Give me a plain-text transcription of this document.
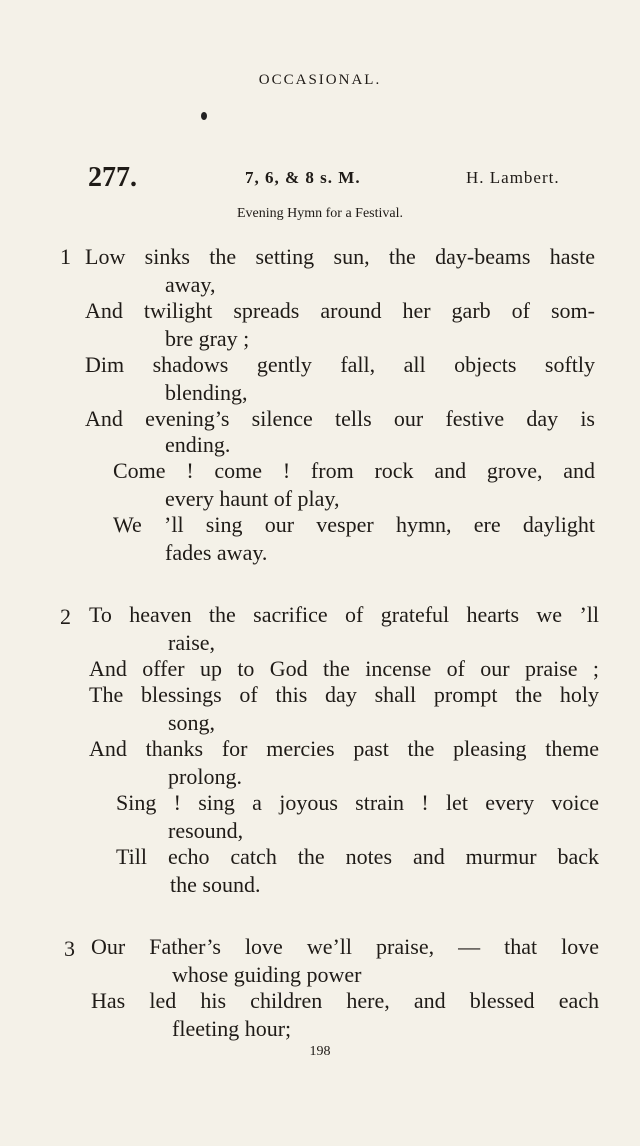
OCCASIONAL.
277.	7, 6, & 8 s. M.	H. Lambert.
Evening Hymn for a Festival.
1 Low sinks the setting sun, the day-beams haste
away,
And twilight spreads around her garb of som-
bre gray ;
Dim shadows gently fall, all objects softly
blending,
And evening’s silence tells our festive day is
ending.
Come ! come ! from rock and grove, and
every haunt of play,
We ’ll sing our vesper hymn, ere daylight
fades away.
2 To heaven the sacrifice of grateful hearts we ’ll
raise,
And offer up to God the incense of our praise ;
The blessings of this day shall prompt the holy
song,
And thanks for mercies past the pleasing theme
prolong.
Sing ! sing a joyous strain ! let every voice
resound,
Till echo catch the notes and murmur back
the sound.
3 Our Father’s love we’ll praise, — that love
whose guiding power
Has led his children here, and blessed each
fleeting hour;
198
